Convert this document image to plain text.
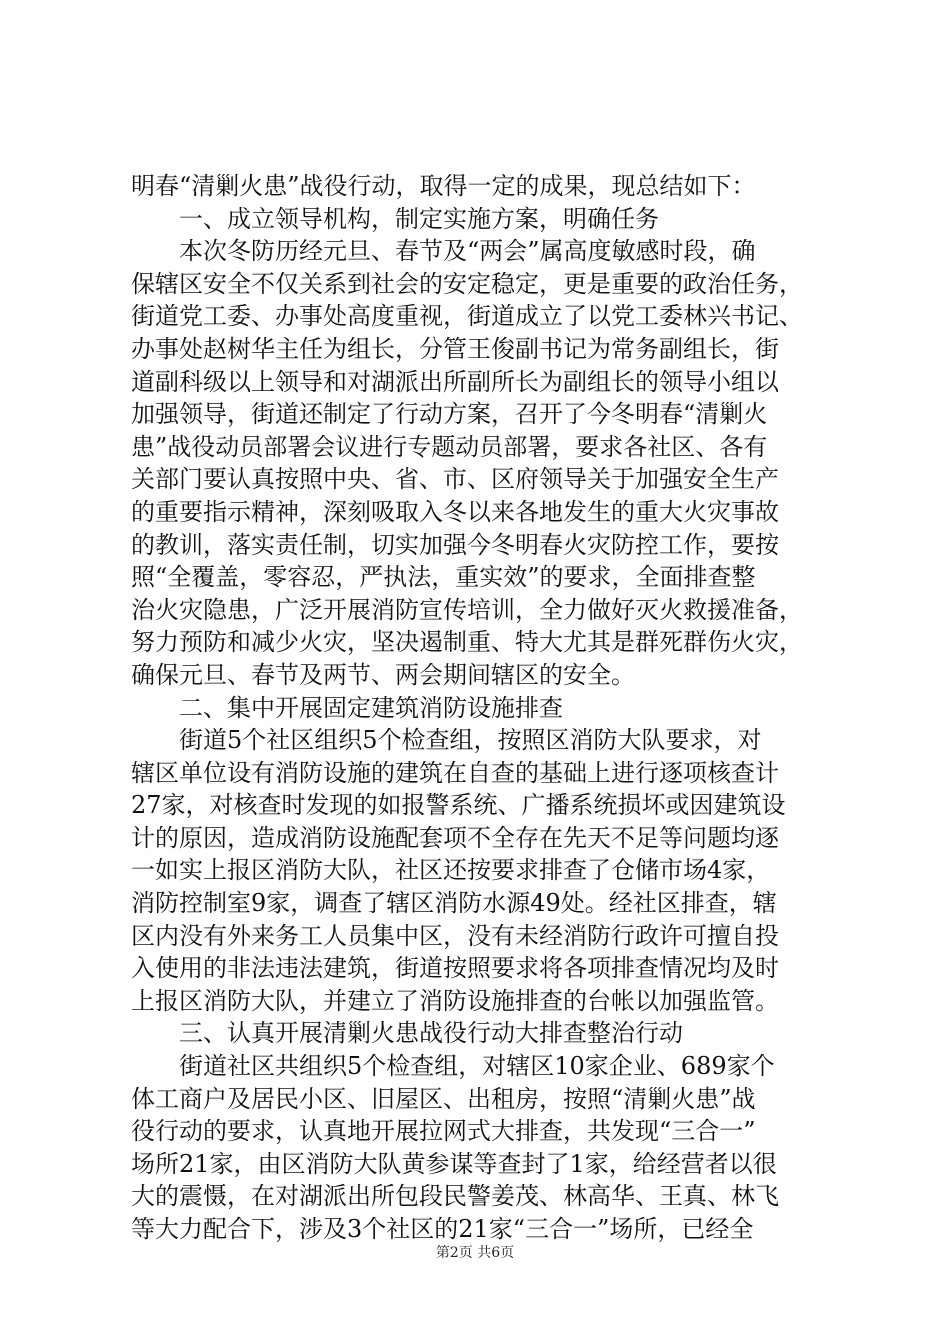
明春“清剿火患”战役行动，取得一定的成果，现总结如下：
一、成立领导机构，制定实施方案，明确任务
本次冬防历经元旦、春节及“两会”属高度敏感时段，确
保辖区安全不仅关系到社会的安定稳定，更是重要的政治任务，
街道党工委、办事处高度重视，街道成立了以党工委林兴书记、
办事处赵树华主任为组长，分管王俊副书记为常务副组长，街
道副科级以上领导和对湖派出所副所长为副组长的领导小组以
加强领导，街道还制定了行动方案，召开了今冬明春“清剿火
患”战役动员部署会议进行专题动员部署，要求各社区、各有
关部门要认真按照中央、省、市、区府领导关于加强安全生产
的重要指示精神，深刻吸取入冬以来各地发生的重大火灾事故
的教训，落实责任制，切实加强今冬明春火灾防控工作，要按
照“全覆盖，零容忍，严执法，重实效”的要求，全面排查整
治火灾隐患，广泛开展消防宣传培训，全力做好灭火救援准备，
努力预防和减少火灾，坚决遏制重、特大尤其是群死群伤火灾，
确保元旦、春节及两节、两会期间辖区的安全。
二、集中开展固定建筑消防设施排查
街道5个社区组织5个检查组，按照区消防大队要求，对
辖区单位设有消防设施的建筑在自查的基础上进行逐项核查计
27家，对核查时发现的如报警系统、广播系统损坏或因建筑设
计的原因，造成消防设施配套项不全存在先天不足等问题均逐
一如实上报区消防大队，社区还按要求排查了仓储市场4家，
消防控制室9家，调查了辖区消防水源49处。经社区排查，辖
区内没有外来务工人员集中区，没有未经消防行政许可擅自投
入使用的非法违法建筑，街道按照要求将各项排查情况均及时
上报区消防大队，并建立了消防设施排查的台帐以加强监管。
三、认真开展清剿火患战役行动大排查整治行动
街道社区共组织5个检查组，对辖区10家企业、689家个
体工商户及居民小区、旧屋区、出租房，按照“清剿火患”战
役行动的要求，认真地开展拉网式大排查，共发现“三合一”
场所21家，由区消防大队黄参谋等查封了1家，给经营者以很
大的震慑，在对湖派出所包段民警姜茂、林高华、王真、林飞
等大力配合下，涉及3个社区的21家“三合一”场所，已经全
第2页 共6页
